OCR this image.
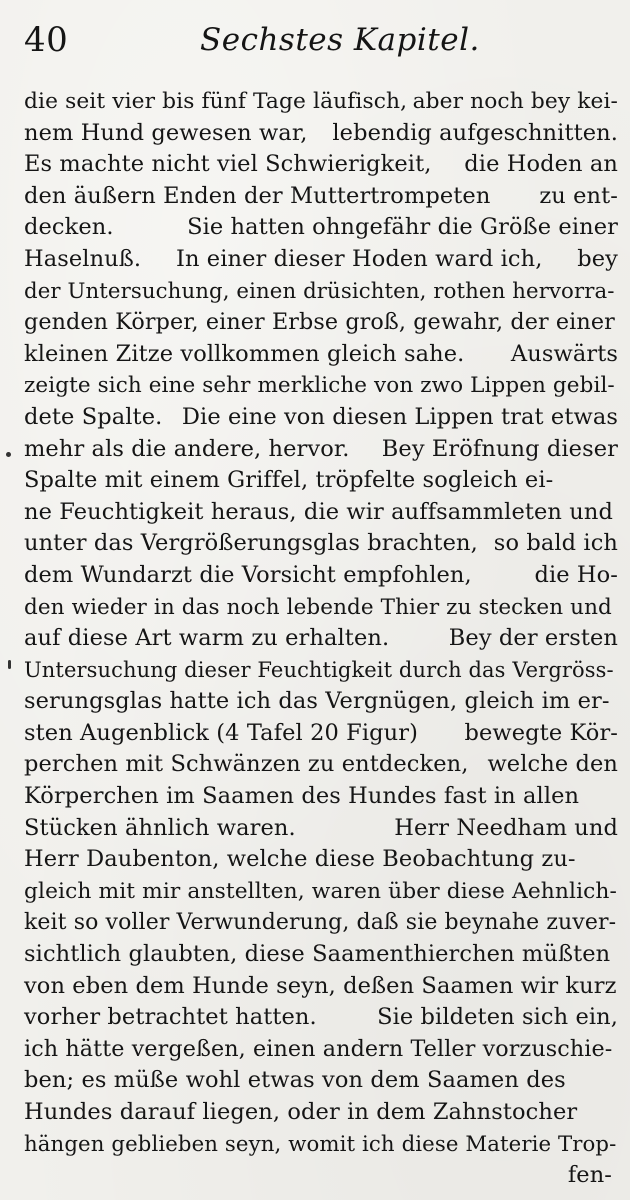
40	Sechstes Kapitel.
die seit vier bis fünf Tage läufisch, aber noch bey kei-
nem Hund gewesen war, lebendig aufgeschnitten.
Es machte nicht viel Schwierigkeit, die Hoden an
den äußern Enden der Muttertrompeten zu ent-
decken.	Sie hatten ohngefähr die Größe einer
Haselnuß. In einer dieser Hoden ward ich, bey
der Untersuchung, einen drüsichten, rothen hervorra-
genden Körper, einer Erbse groß, gewahr, der einer
kleinen Zitze vollkommen gleich sahe. Auswärts
zeigte sich eine sehr merkliche von zwo Lippen gebil-
dete Spalte. Die eine von diesen Lippen trat etwas
mehr als die andere, hervor. Bey Eröfnung dieser
Spalte mit einem Griffel, tröpfelte sogleich ei-
ne Feuchtigkeit heraus, die wir auffsammleten und
unter das Vergrößerungsglas brachten, so bald ich
dem Wundarzt die Vorsicht empfohlen,	die Ho-
den wieder in das noch lebende Thier zu stecken und
auf diese Art warm zu erhalten.	Bey der ersten
Untersuchung dieser Feuchtigkeit durch das Vergröss-
serungsglas hatte ich das Vergnügen, gleich im er-
sten Augenblick (4 Tafel 20 Figur) bewegte Kör-
perchen mit Schwänzen zu entdecken, welche den
Körperchen im Saamen des Hundes fast in allen
Stücken ähnlich waren.	Herr Needham und
Herr Daubenton, welche diese Beobachtung zu-
gleich mit mir anstellten, waren über diese Aehnlich-
keit so voller Verwunderung, daß sie beynahe zuver-
sichtlich glaubten, diese Saamenthierchen müßten
von eben dem Hunde seyn, deßen Saamen wir kurz
vorher betrachtet hatten.	Sie bildeten sich ein,
ich hätte vergeßen, einen andern Teller vorzuschie-
ben; es müße wohl etwas von dem Saamen des
Hundes darauf liegen, oder in dem Zahnstocher
hängen geblieben seyn, womit ich diese Materie Trop-
fen-
